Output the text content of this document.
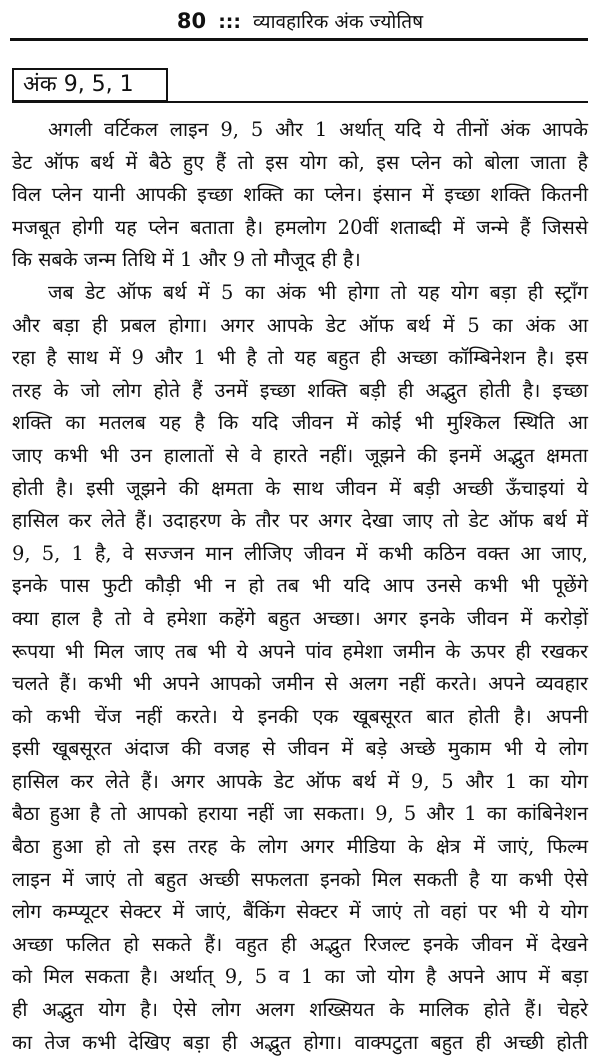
80 ::: व्यावहारिक अंक ज्योतिष
अंक 9, 5, 1
अगली वर्टिकल लाइन 9, 5 और 1 अर्थात् यदि ये तीनों अंक आपके
डेट ऑफ बर्थ में बैठे हुए हैं तो इस योग को, इस प्लेन को बोला जाता है
विल प्लेन यानी आपकी इच्छा शक्ति का प्लेन। इंसान में इच्छा शक्ति कितनी
मजबूत होगी यह प्लेन बताता है। हमलोग 20वीं शताब्दी में जन्मे हैं जिससे
कि सबके जन्म तिथि में 1 और 9 तो मौजूद ही है।
जब डेट ऑफ बर्थ में 5 का अंक भी होगा तो यह योग बड़ा ही स्ट्राँग
और बड़ा ही प्रबल होगा। अगर आपके डेट ऑफ बर्थ में 5 का अंक आ
रहा है साथ में 9 और 1 भी है तो यह बहुत ही अच्छा कॉम्बिनेशन है। इस
तरह के जो लोग होते हैं उनमें इच्छा शक्ति बड़ी ही अद्भुत होती है। इच्छा
शक्ति का मतलब यह है कि यदि जीवन में कोई भी मुश्किल स्थिति आ
जाए कभी भी उन हालातों से वे हारते नहीं। जूझने की इनमें अद्भुत क्षमता
होती है। इसी जूझने की क्षमता के साथ जीवन में बड़ी अच्छी ऊँचाइयां ये
हासिल कर लेते हैं। उदाहरण के तौर पर अगर देखा जाए तो डेट ऑफ बर्थ में
9, 5, 1 है, वे सज्जन मान लीजिए जीवन में कभी कठिन वक्त आ जाए,
इनके पास फुटी कौड़ी भी न हो तब भी यदि आप उनसे कभी भी पूछेंगे
क्या हाल है तो वे हमेशा कहेंगे बहुत अच्छा। अगर इनके जीवन में करोड़ों
रूपया भी मिल जाए तब भी ये अपने पांव हमेशा जमीन के ऊपर ही रखकर
चलते हैं। कभी भी अपने आपको जमीन से अलग नहीं करते। अपने व्यवहार
को कभी चेंज नहीं करते। ये इनकी एक खूबसूरत बात होती है। अपनी
इसी खूबसूरत अंदाज की वजह से जीवन में बड़े अच्छे मुकाम भी ये लोग
हासिल कर लेते हैं। अगर आपके डेट ऑफ बर्थ में 9, 5 और 1 का योग
बैठा हुआ है तो आपको हराया नहीं जा सकता। 9, 5 और 1 का कांबिनेशन
बैठा हुआ हो तो इस तरह के लोग अगर मीडिया के क्षेत्र में जाएं, फिल्म
लाइन में जाएं तो बहुत अच्छी सफलता इनको मिल सकती है या कभी ऐसे
लोग कम्प्यूटर सेक्टर में जाएं, बैंकिंग सेक्टर में जाएं तो वहां पर भी ये योग
अच्छा फलित हो सकते हैं। वहुत ही अद्भुत रिजल्ट इनके जीवन में देखने
को मिल सकता है। अर्थात् 9, 5 व 1 का जो योग है अपने आप में बड़ा
ही अद्भुत योग है। ऐसे लोग अलग शख्सियत के मालिक होते हैं। चेहरे
का तेज कभी देखिए बड़ा ही अद्भुत होगा। वाक्पटुता बहुत ही अच्छी होती
